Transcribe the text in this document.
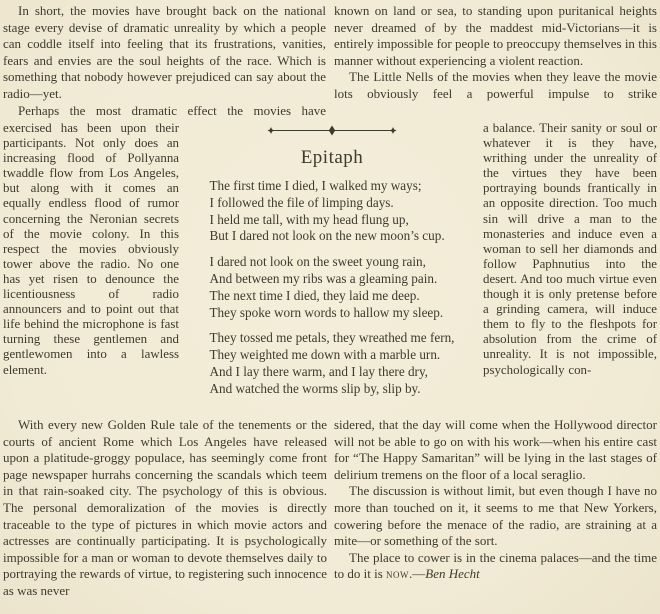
In short, the movies have brought back on the national stage every devise of dramatic unreality by which a people can coddle itself into feeling that its frustrations, vanities, fears and envies are the soul heights of the race. Which is something that nobody however prejudiced can say about the radio—yet.

Perhaps the most dramatic effect the movies have

exercised has been upon their participants. Not only does an increasing flood of Pollyanna twaddle flow from Los Angeles, but along with it comes an equally endless flood of rumor concerning the Neronian secrets of the movie colony. In this respect the movies obviously tower above the radio. No one has yet risen to denounce the licentiousness of radio announcers and to point out that life behind the microphone is fast turning these gentlemen and gentlewomen into a lawless element.

With every new Golden Rule tale of the tenements or the courts of ancient Rome which Los Angeles have released upon a platitude-groggy populace, has seemingly come front page newspaper hurrahs concerning the scandals which teem in that rain-soaked city. The psychology of this is obvious. The personal demoralization of the movies is directly traceable to the type of pictures in which movie actors and actresses are continually participating. It is psychologically impossible for a man or woman to devote themselves daily to portraying the rewards of virtue, to registering such innocence as was never

known on land or sea, to standing upon puritanical heights never dreamed of by the maddest mid-Victorians—it is entirely impossible for people to preoccupy themselves in this manner without experiencing a violent reaction.

The Little Nells of the movies when they leave the movie lots obviously feel a powerful impulse to strike

a balance. Their sanity or soul or whatever it is they have, writhing under the unreality of the virtues they have been portraying bounds frantically in an opposite direction. Too much sin will drive a man to the monasteries and induce even a woman to sell her diamonds and follow Paphnutius into the desert. And too much virtue even though it is only pretense before a grinding camera, will induce them to fly to the fleshpots for absolution from the crime of unreality. It is not impossible, psychologically con-

sidered, that the day will come when the Hollywood director will not be able to go on with his work—when his entire cast for “The Happy Samaritan” will be lying in the last stages of delirium tremens on the floor of a local seraglio.

The discussion is without limit, but even though I have no more than touched on it, it seems to me that New Yorkers, cowering before the menace of the radio, are straining at a mite—or something of the sort.

The place to cower is in the cinema palaces—and the time to do it is now.—Ben Hecht

Epitaph
The first time I died, I walked my ways;
I followed the file of limping days.
I held me tall, with my head flung up,
But I dared not look on the new moon’s cup.
I dared not look on the sweet young rain,
And between my ribs was a gleaming pain.
The next time I died, they laid me deep.
They spoke worn words to hallow my sleep.
They tossed me petals, they wreathed me fern,
They weighted me down with a marble urn.
And I lay there warm, and I lay there dry,
And watched the worms slip by, slip by.
